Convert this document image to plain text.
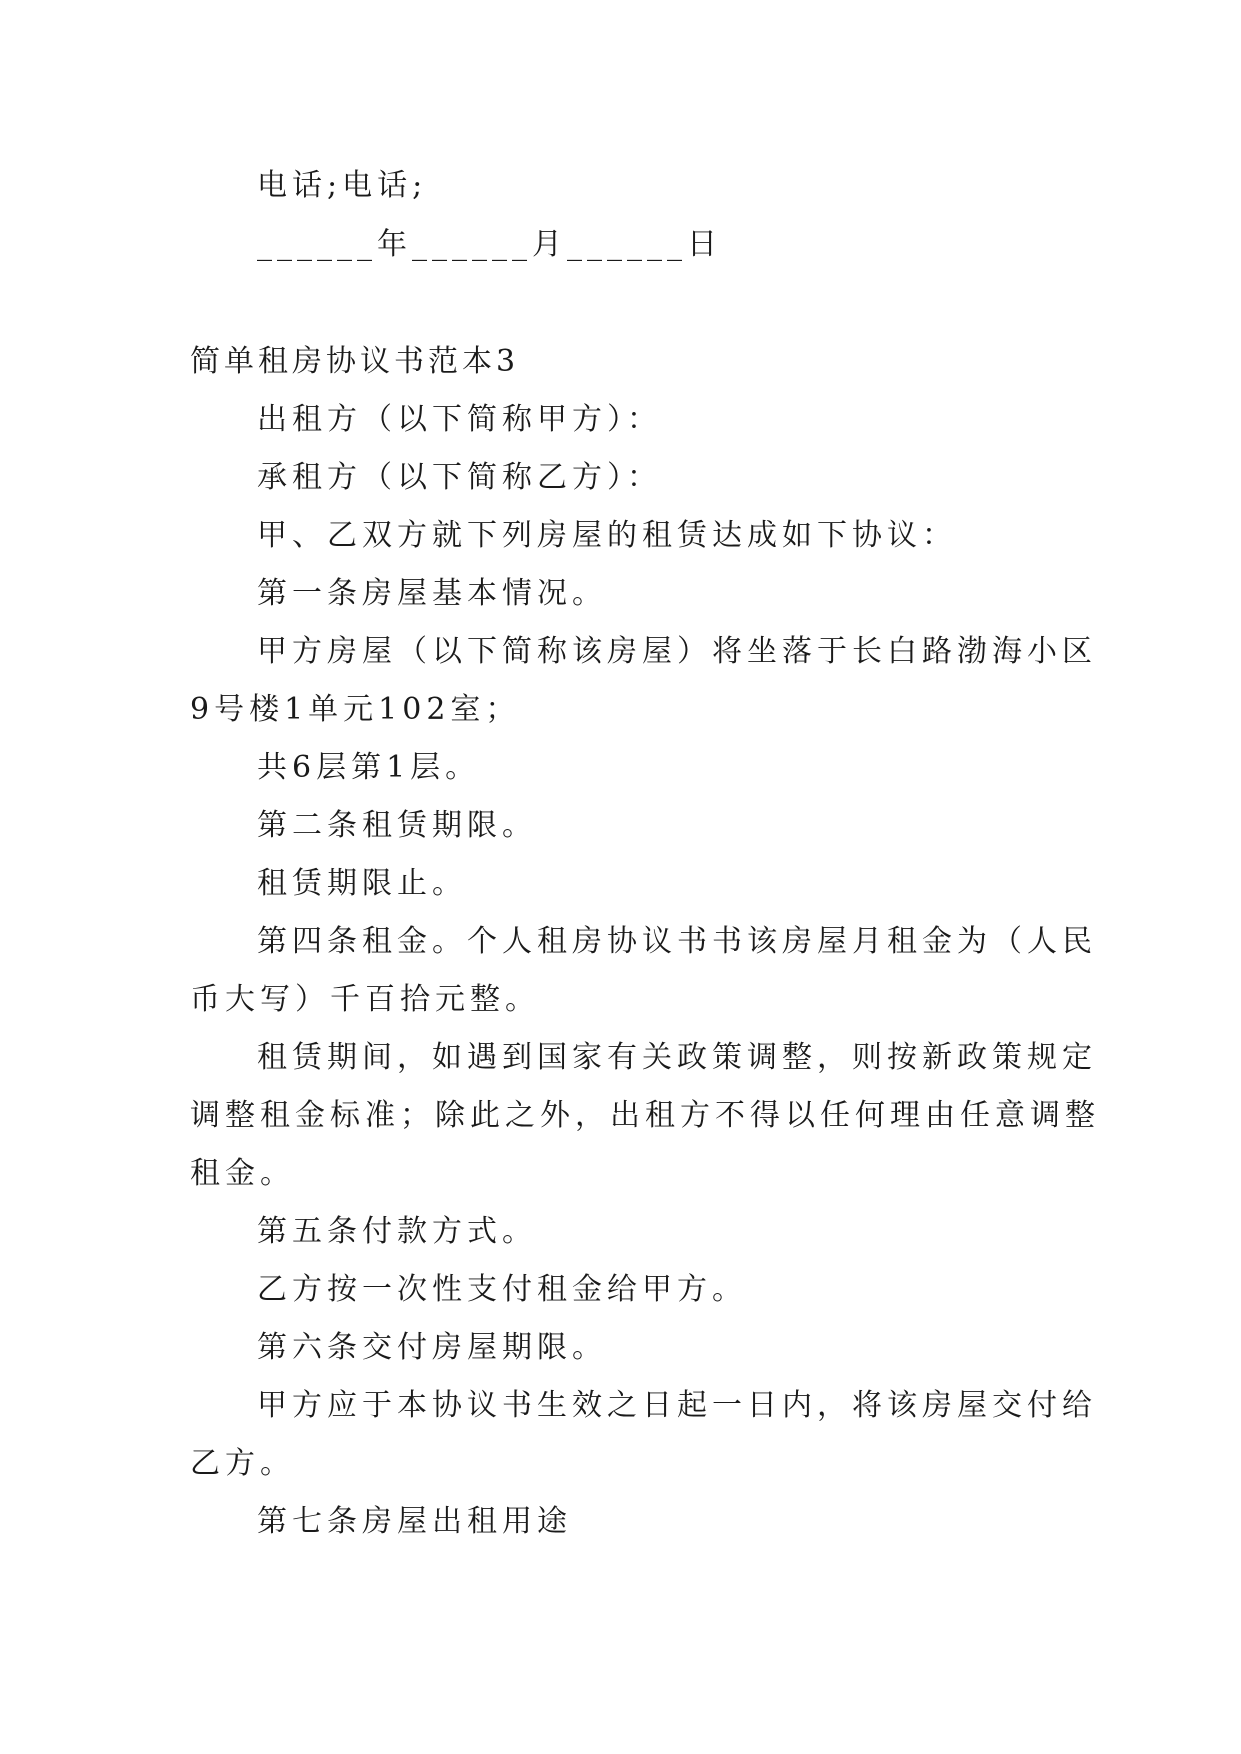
电话;电话;
______年______月______日
简单租房协议书范本3
出租方（以下简称甲方）：
承租方（以下简称乙方）：
甲、乙双方就下列房屋的租赁达成如下协议：
第一条房屋基本情况。
甲方房屋（以下简称该房屋）将坐落于长白路渤海小区
9号楼1单元102室；
共6层第1层。
第二条租赁期限。
租赁期限止。
第四条租金。个人租房协议书书该房屋月租金为（人民
币大写）千百拾元整。
租赁期间，如遇到国家有关政策调整，则按新政策规定
调整租金标准；除此之外，出租方不得以任何理由任意调整
租金。
第五条付款方式。
乙方按一次性支付租金给甲方。
第六条交付房屋期限。
甲方应于本协议书生效之日起一日内，将该房屋交付给
乙方。
第七条房屋出租用途
